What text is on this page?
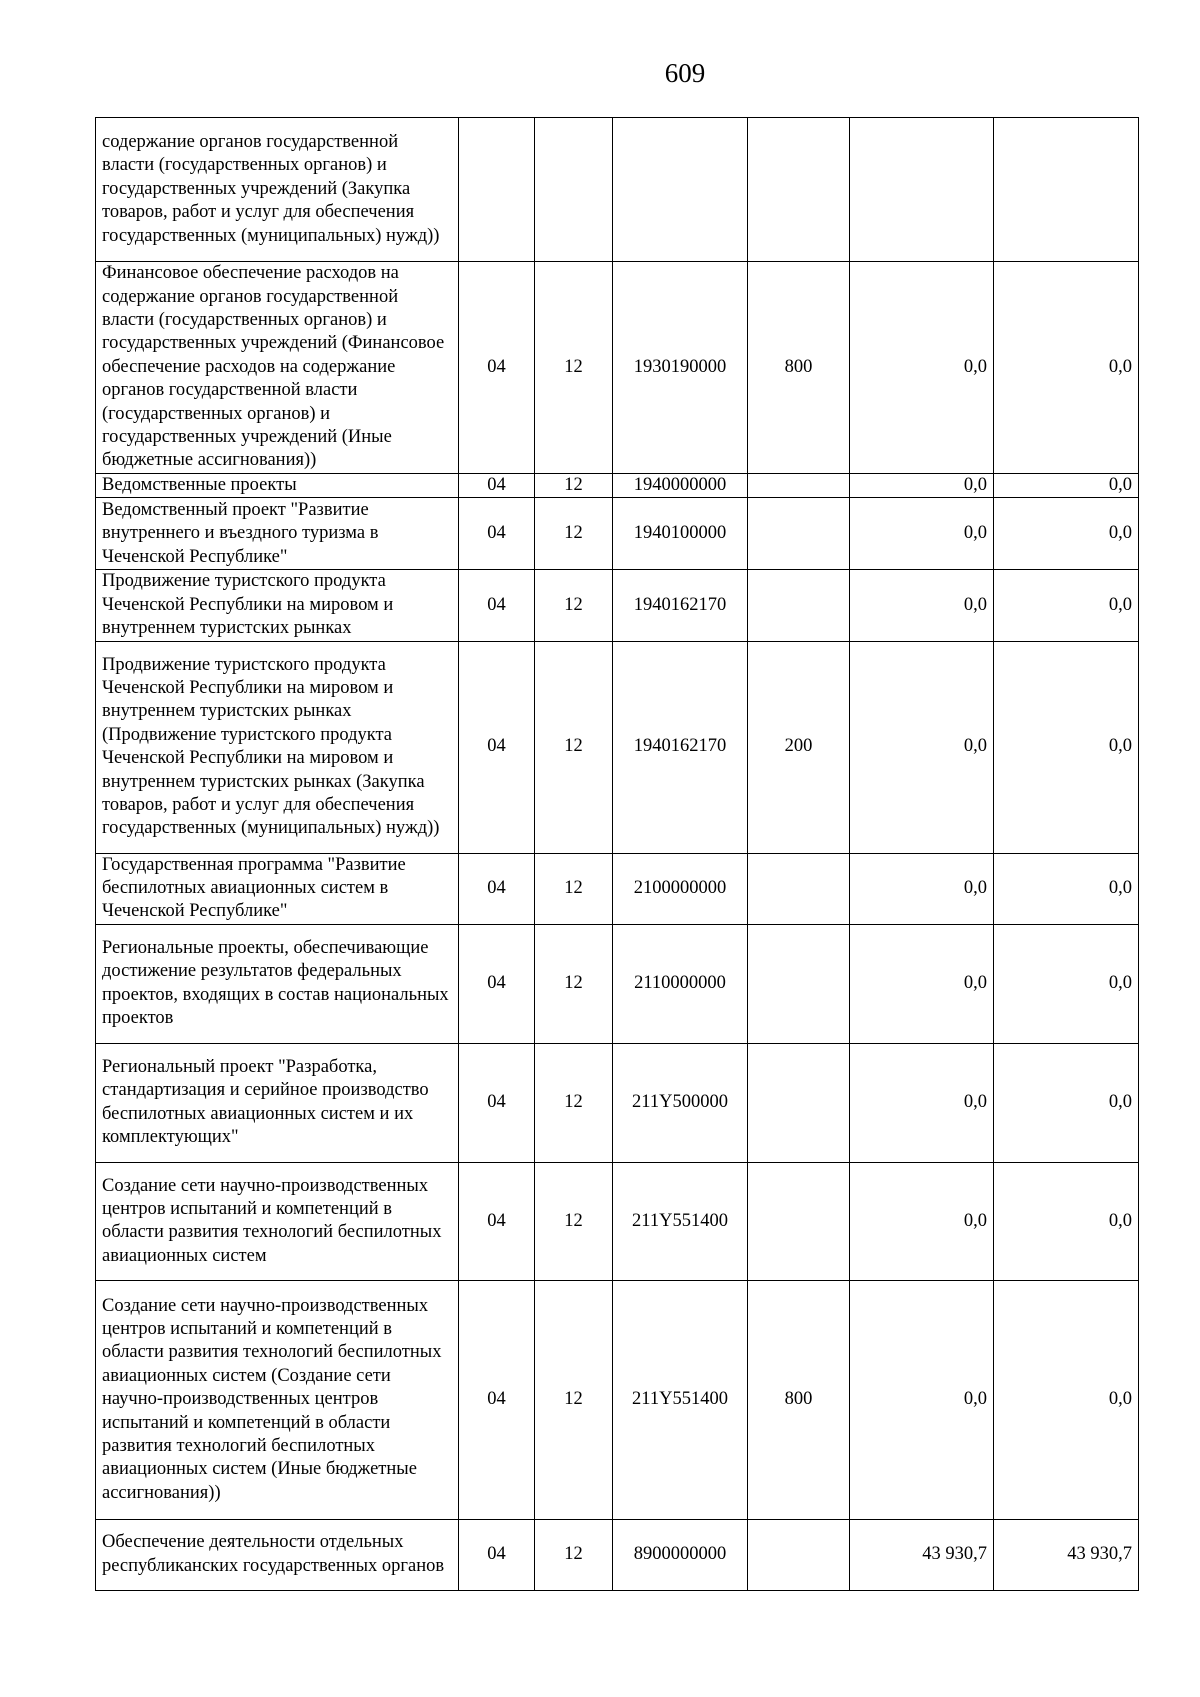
609
содержание органов государственной власти (государственных органов) и государственных учреждений (Закупка товаров, работ и услуг для обеспечения государственных (муниципальных) нужд))						
Финансовое обеспечение расходов на содержание органов государственной власти (государственных органов) и государственных учреждений (Финансовое обеспечение расходов на содержание органов государственной власти (государственных органов) и государственных учреждений (Иные бюджетные ассигнования))	04	12	1930190000	800	0,0	0,0
Ведомственные проекты	04	12	1940000000		0,0	0,0
Ведомственный проект "Развитие внутреннего и въездного туризма в Чеченской Республике"	04	12	1940100000		0,0	0,0
Продвижение туристского продукта Чеченской Республики на мировом и внутреннем туристских рынках	04	12	1940162170		0,0	0,0
Продвижение туристского продукта Чеченской Республики на мировом и внутреннем туристских рынках (Продвижение туристского продукта Чеченской Республики на мировом и внутреннем туристских рынках (Закупка товаров, работ и услуг для обеспечения государственных (муниципальных) нужд))	04	12	1940162170	200	0,0	0,0
Государственная программа "Развитие беспилотных авиационных систем в Чеченской Республике"	04	12	2100000000		0,0	0,0
Региональные проекты, обеспечивающие достижение результатов федеральных проектов, входящих в состав национальных проектов	04	12	2110000000		0,0	0,0
Региональный проект "Разработка, стандартизация и серийное производство беспилотных авиационных систем и их комплектующих"	04	12	211Y500000		0,0	0,0
Создание сети научно-производственных центров испытаний и компетенций в области развития технологий беспилотных авиационных систем	04	12	211Y551400		0,0	0,0
Создание сети научно-производственных центров испытаний и компетенций в области развития технологий беспилотных авиационных систем (Создание сети научно-производственных центров испытаний и компетенций в области развития технологий беспилотных авиационных систем (Иные бюджетные ассигнования))	04	12	211Y551400	800	0,0	0,0
Обеспечение деятельности отдельных республиканских государственных органов	04	12	8900000000		43 930,7	43 930,7
